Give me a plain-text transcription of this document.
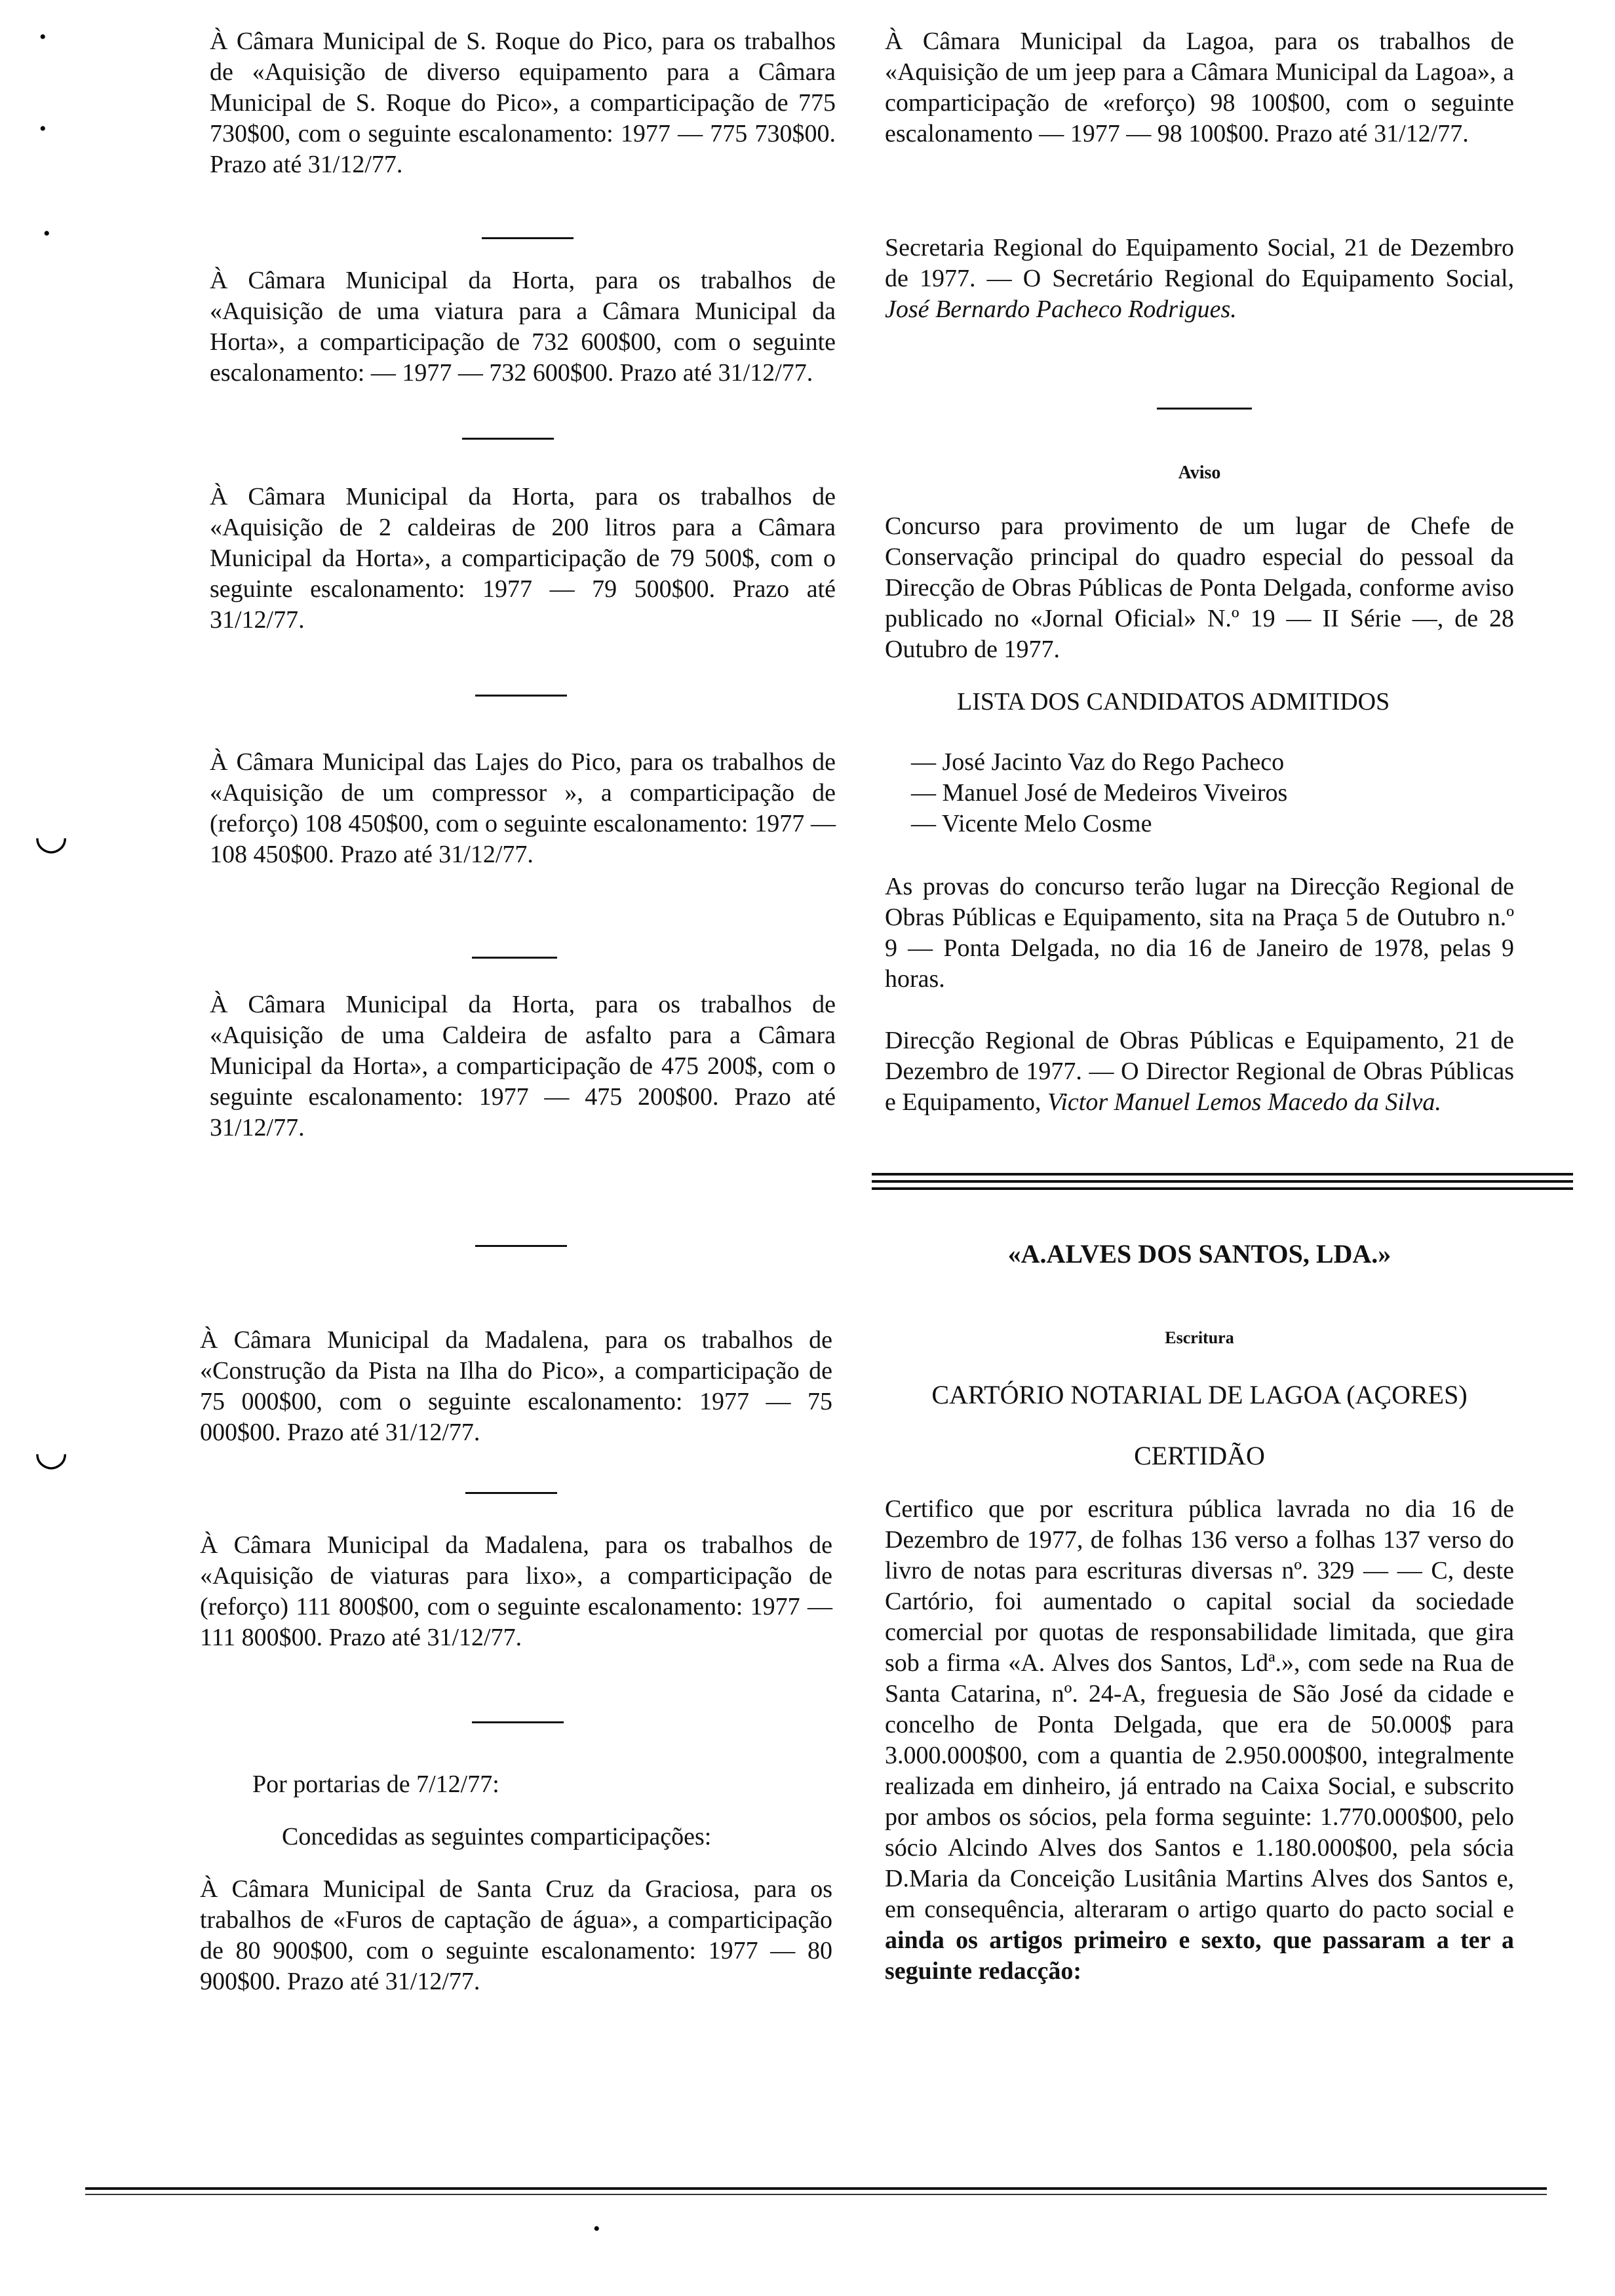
•
•
•
◡
◡

À Câmara Municipal de S. Roque do Pico, para os trabalhos de «Aquisição de diverso equipamento para a Câmara Municipal de S. Roque do Pico», a comparticipação de 775 730$00, com o seguinte escalonamento: 1977 — 775 730$00. Prazo até 31/12/77.

À Câmara Municipal da Horta, para os trabalhos de «Aquisição de uma viatura para a Câmara Municipal da Horta», a comparticipação de 732 600$00, com o seguinte escalonamento: — 1977 — 732 600$00. Prazo até 31/12/77.

À Câmara Municipal da Horta, para os trabalhos de «Aquisição de 2 caldeiras de 200 litros para a Câmara Municipal da Horta», a comparticipação de 79 500$, com o seguinte escalonamento: 1977 — 79 500$00. Prazo até 31/12/77.

À Câmara Municipal das Lajes do Pico, para os trabalhos de «Aquisição de um compressor », a comparticipação de (reforço) 108 450$00, com o seguinte escalonamento: 1977 — 108 450$00. Prazo até 31/12/77.

À Câmara Municipal da Horta, para os trabalhos de «Aquisição de uma Caldeira de asfalto para a Câmara Municipal da Horta», a comparticipação de 475 200$, com o seguinte escalonamento: 1977 — 475 200$00. Prazo até 31/12/77.

À Câmara Municipal da Madalena, para os trabalhos de «Construção da Pista na Ilha do Pico», a comparticipação de 75 000$00, com o seguinte escalonamento: 1977 — 75 000$00. Prazo até 31/12/77.

À Câmara Municipal da Madalena, para os trabalhos de «Aquisição de viaturas para lixo», a comparticipação de (reforço) 111 800$00, com o seguinte escalonamento: 1977 — 111 800$00. Prazo até 31/12/77.

Por portarias de 7/12/77:

Concedidas as seguintes comparticipações:

À Câmara Municipal de Santa Cruz da Graciosa, para os trabalhos de «Furos de captação de água», a comparticipação de 80 900$00, com o seguinte escalonamento: 1977 — 80 900$00. Prazo até 31/12/77.

À Câmara Municipal da Lagoa, para os trabalhos de «Aquisição de um jeep para a Câmara Municipal da Lagoa», a comparticipação de «reforço) 98 100$00, com o seguinte escalonamento — 1977 — 98 100$00. Prazo até 31/12/77.

Secretaria Regional do Equipamento Social, 21 de Dezembro de 1977. — O Secretário Regional do Equipamento Social, José Bernardo Pacheco Rodrigues.

Aviso

Concurso para provimento de um lugar de Chefe de Conservação principal do quadro especial do pessoal da Direcção de Obras Públicas de Ponta Delgada, conforme aviso publicado no «Jornal Oficial» N.º 19 — II Série —, de 28 Outubro de 1977.

LISTA DOS CANDIDATOS ADMITIDOS

— José Jacinto Vaz do Rego Pacheco
— Manuel José de Medeiros Viveiros
— Vicente Melo Cosme

As provas do concurso terão lugar na Direcção Regional de Obras Públicas e Equipamento, sita na Praça 5 de Outubro n.º 9 — Ponta Delgada, no dia 16 de Janeiro de 1978, pelas 9 horas.

Direcção Regional de Obras Públicas e Equipamento, 21 de Dezembro de 1977. — O Director Regional de Obras Públicas e Equipamento, Victor Manuel Lemos Macedo da Silva.

«A.ALVES DOS SANTOS, LDA.»

Escritura

CARTÓRIO NOTARIAL DE LAGOA (AÇORES)

CERTIDÃO

Certifico que por escritura pública lavrada no dia 16 de Dezembro de 1977, de folhas 136 verso a folhas 137 verso do livro de notas para escrituras diversas nº. 329 — — C, deste Cartório, foi aumentado o capital social da sociedade comercial por quotas de responsabilidade limitada, que gira sob a firma «A. Alves dos Santos, Ldª.», com sede na Rua de Santa Catarina, nº. 24-A, freguesia de São José da cidade e concelho de Ponta Delgada, que era de 50.000$ para 3.000.000$00, com a quantia de 2.950.000$00, integralmente realizada em dinheiro, já entrado na Caixa Social, e subscrito por ambos os sócios, pela forma seguinte: 1.770.000$00, pelo sócio Alcindo Alves dos Santos e 1.180.000$00, pela sócia D.Maria da Conceição Lusitânia Martins Alves dos Santos e, em consequência, alteraram o artigo quarto do pacto social e ainda os artigos primeiro e sexto, que passaram a ter a seguinte redacção:

•
